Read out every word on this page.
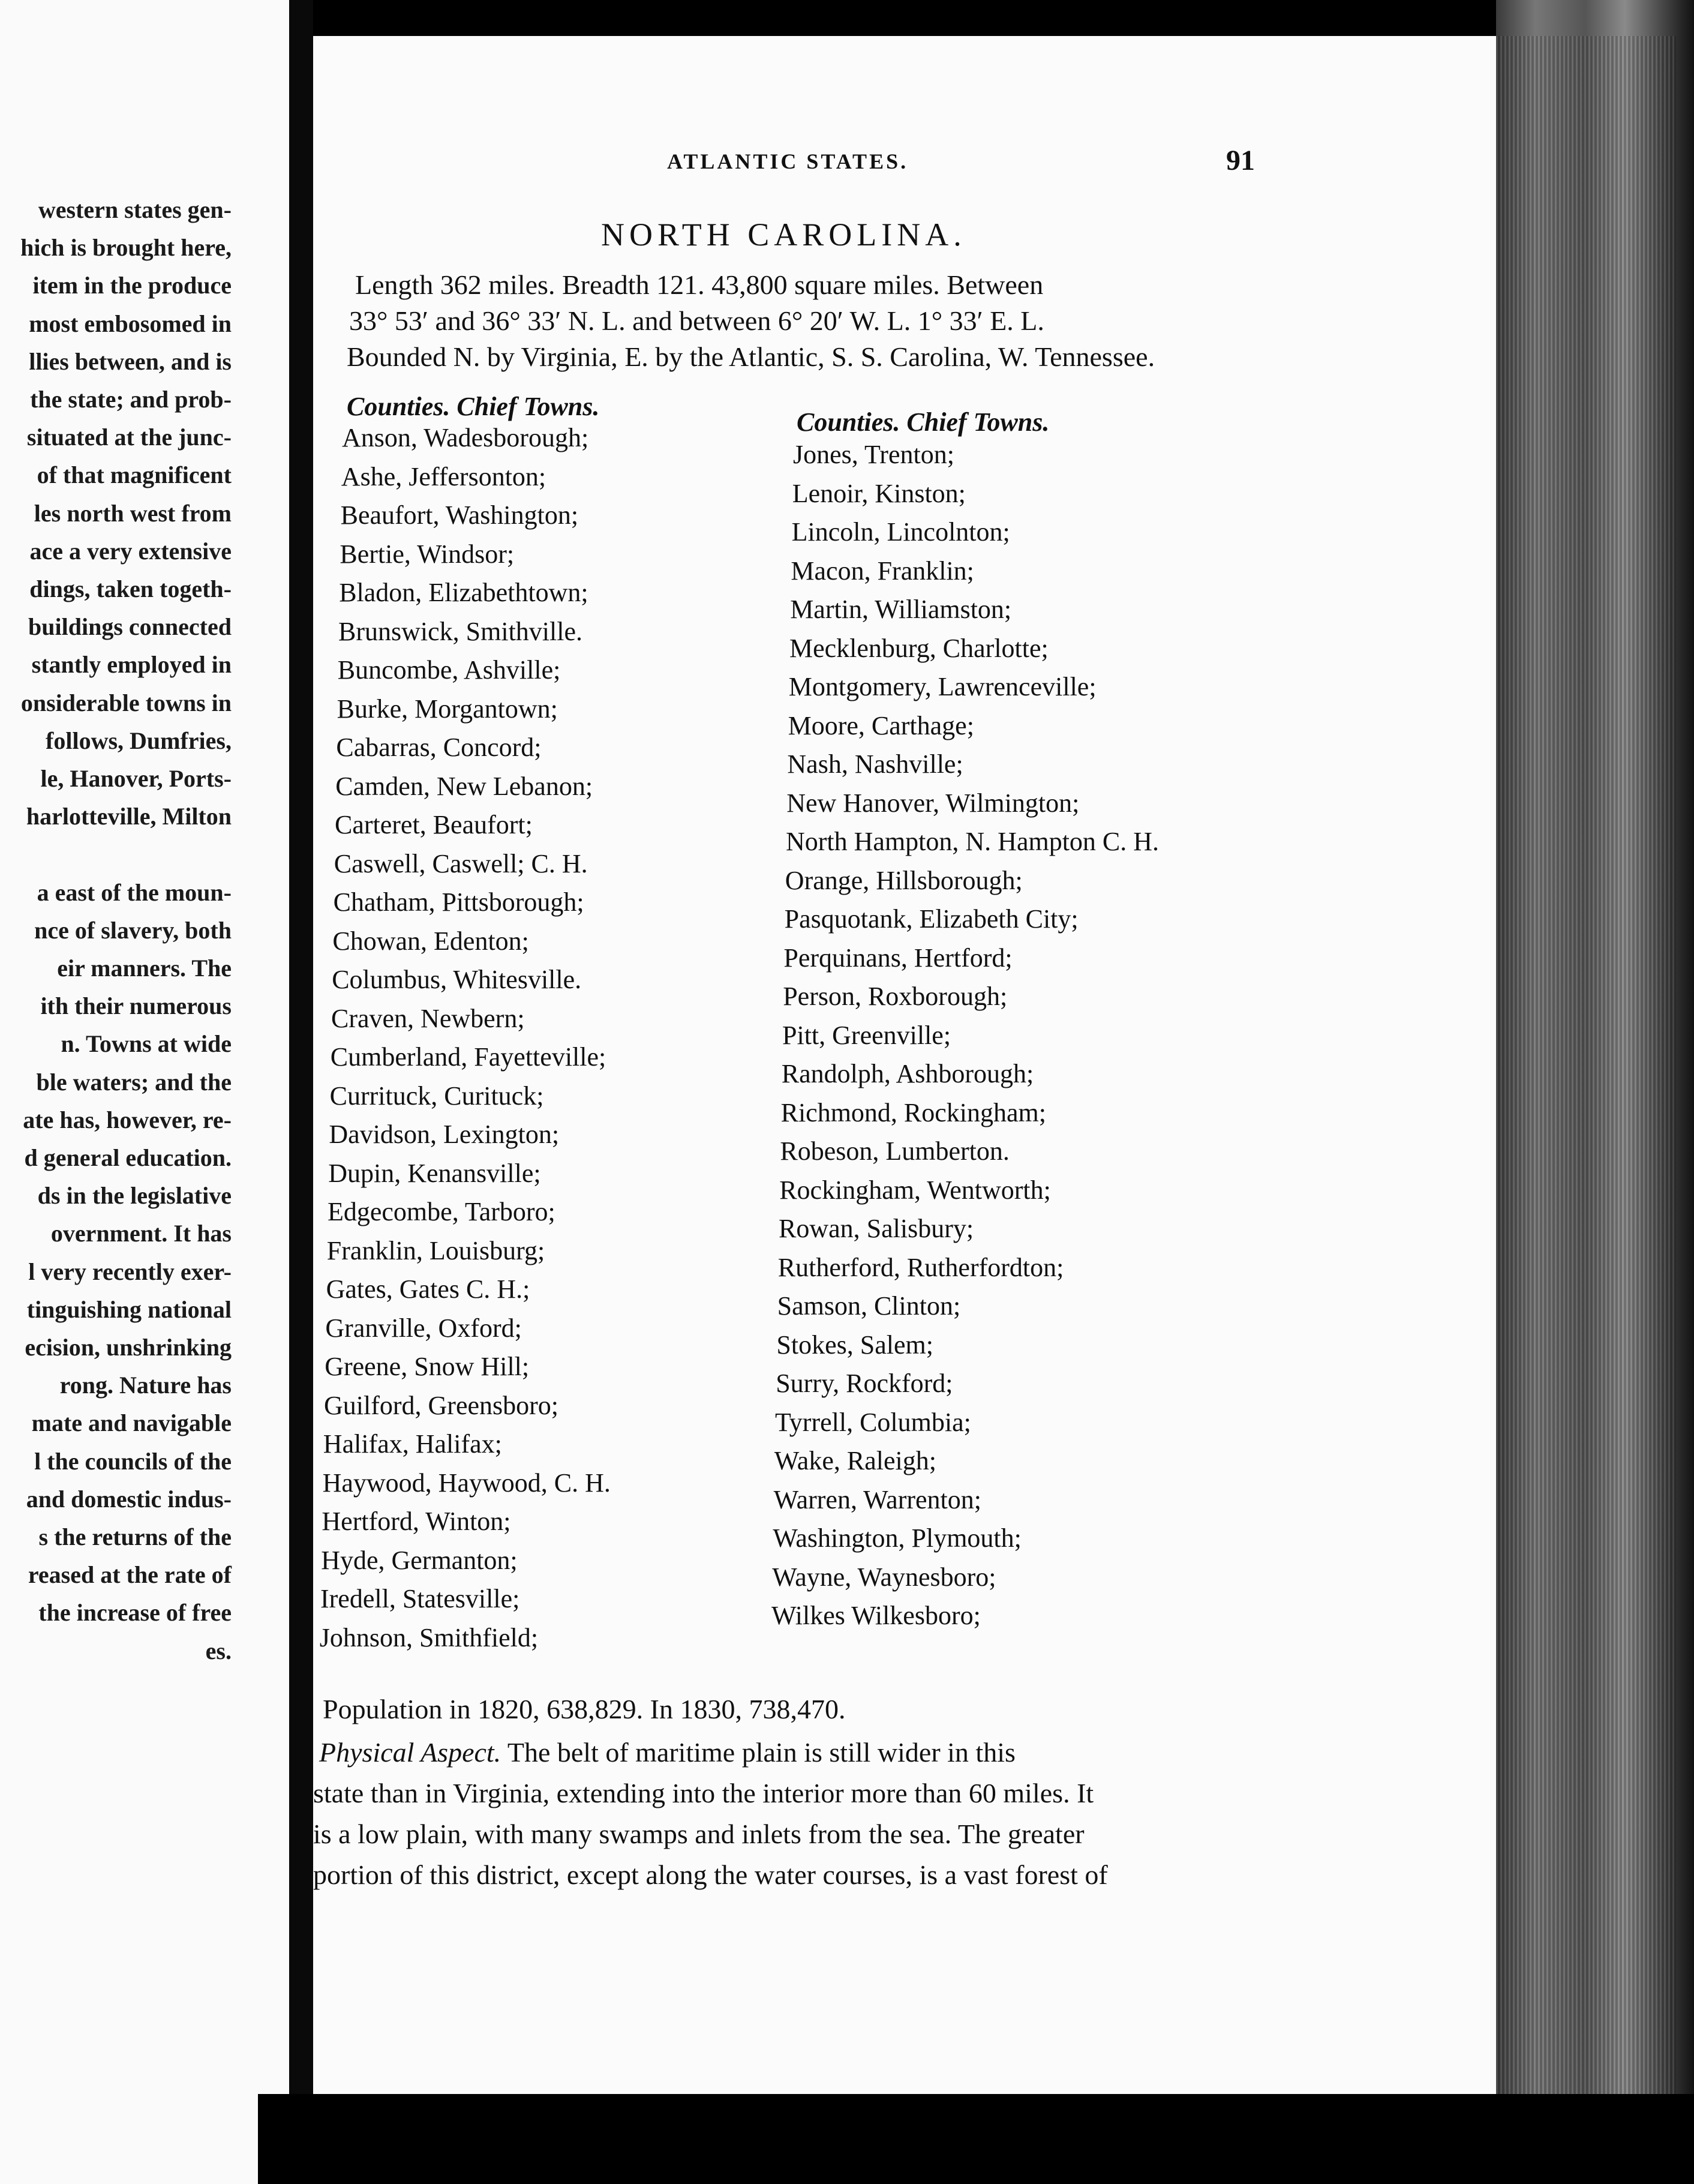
western states gen-
hich is brought here,
item in the produce
most embosomed in
llies between, and is
the state; and prob-
situated at the junc-
of that magnificent
les north west from
ace a very extensive
dings, taken togeth-
buildings connected
stantly employed in
onsiderable towns in
follows, Dumfries,
le, Hanover, Ports-
harlotteville, Milton
a east of the moun-
nce of slavery, both
eir manners. The
ith their numerous
n. Towns at wide
ble waters; and the
ate has, however, re-
d general education.
ds in the legislative
overnment. It has
l very recently exer-
tinguishing national
ecision, unshrinking
rong. Nature has
mate and navigable
l the councils of the
and domestic indus-
s the returns of the
reased at the rate of
the increase of free
es.
ATLANTIC STATES.	91
NORTH CAROLINA.
Length 362 miles. Breadth 121. 43,800 square miles. Between
33° 53′ and 36° 33′ N. L. and between 6° 20′ W. L. 1° 33′ E. L.
Bounded N. by Virginia, E. by the Atlantic, S. S. Carolina, W. Tennessee.
Counties. Chief Towns.
Counties. Chief Towns.
Anson, Wadesborough;
Ashe, Jeffersonton;
Beaufort, Washington;
Bertie, Windsor;
Bladon, Elizabethtown;
Brunswick, Smithville.
Buncombe, Ashville;
Burke, Morgantown;
Cabarras, Concord;
Camden, New Lebanon;
Carteret, Beaufort;
Caswell, Caswell; C. H.
Chatham, Pittsborough;
Chowan, Edenton;
Columbus, Whitesville.
Craven, Newbern;
Cumberland, Fayetteville;
Currituck, Curituck;
Davidson, Lexington;
Dupin, Kenansville;
Edgecombe, Tarboro;
Franklin, Louisburg;
Gates, Gates C. H.;
Granville, Oxford;
Greene, Snow Hill;
Guilford, Greensboro;
Halifax, Halifax;
Haywood, Haywood, C. H.
Hertford, Winton;
Hyde, Germanton;
Iredell, Statesville;
Johnson, Smithfield;
Jones, Trenton;
Lenoir, Kinston;
Lincoln, Lincolnton;
Macon, Franklin;
Martin, Williamston;
Mecklenburg, Charlotte;
Montgomery, Lawrenceville;
Moore, Carthage;
Nash, Nashville;
New Hanover, Wilmington;
North Hampton, N. Hampton C. H.
Orange, Hillsborough;
Pasquotank, Elizabeth City;
Perquinans, Hertford;
Person, Roxborough;
Pitt, Greenville;
Randolph, Ashborough;
Richmond, Rockingham;
Robeson, Lumberton.
Rockingham, Wentworth;
Rowan, Salisbury;
Rutherford, Rutherfordton;
Samson, Clinton;
Stokes, Salem;
Surry, Rockford;
Tyrrell, Columbia;
Wake, Raleigh;
Warren, Warrenton;
Washington, Plymouth;
Wayne, Waynesboro;
Wilkes Wilkesboro;
Population in 1820, 638,829. In 1830, 738,470.
Physical Aspect. The belt of maritime plain is still wider in this
state than in Virginia, extending into the interior more than 60 miles. It
is a low plain, with many swamps and inlets from the sea. The greater
portion of this district, except along the water courses, is a vast forest of
